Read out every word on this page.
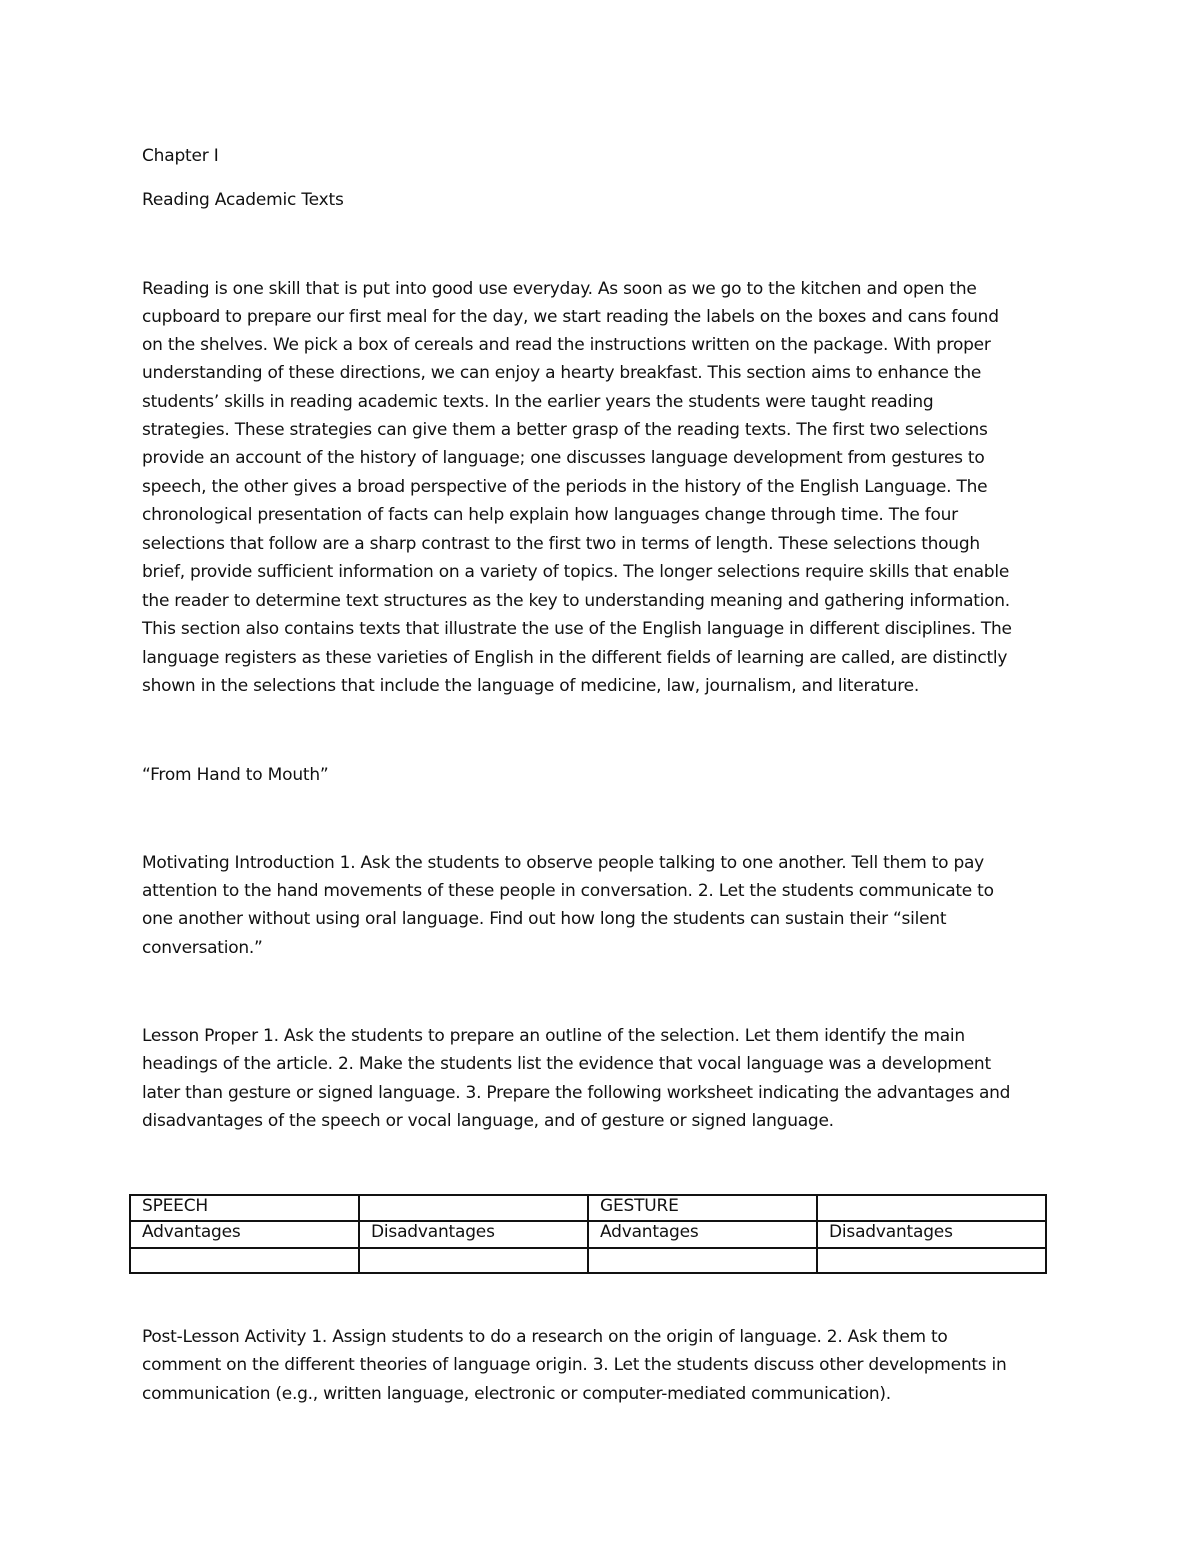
Chapter I
Reading Academic Texts
Reading is one skill that is put into good use everyday. As soon as we go to the kitchen and open the
cupboard to prepare our first meal for the day, we start reading the labels on the boxes and cans found
on the shelves. We pick a box of cereals and read the instructions written on the package. With proper
understanding of these directions, we can enjoy a hearty breakfast. This section aims to enhance the
students’ skills in reading academic texts. In the earlier years the students were taught reading
strategies. These strategies can give them a better grasp of the reading texts. The first two selections
provide an account of the history of language; one discusses language development from gestures to
speech, the other gives a broad perspective of the periods in the history of the English Language. The
chronological presentation of facts can help explain how languages change through time. The four
selections that follow are a sharp contrast to the first two in terms of length. These selections though
brief, provide sufficient information on a variety of topics. The longer selections require skills that enable
the reader to determine text structures as the key to understanding meaning and gathering information.
This section also contains texts that illustrate the use of the English language in different disciplines. The
language registers as these varieties of English in the different fields of learning are called, are distinctly
shown in the selections that include the language of medicine, law, journalism, and literature.
“From Hand to Mouth”
Motivating Introduction 1. Ask the students to observe people talking to one another. Tell them to pay
attention to the hand movements of these people in conversation. 2. Let the students communicate to
one another without using oral language. Find out how long the students can sustain their “silent
conversation.”
Lesson Proper 1. Ask the students to prepare an outline of the selection. Let them identify the main
headings of the article. 2. Make the students list the evidence that vocal language was a development
later than gesture or signed language. 3. Prepare the following worksheet indicating the advantages and
disadvantages of the speech or vocal language, and of gesture or signed language.
SPEECH		GESTURE	
Advantages	Disadvantages	Advantages	Disadvantages

Post-Lesson Activity 1. Assign students to do a research on the origin of language. 2. Ask them to
comment on the different theories of language origin. 3. Let the students discuss other developments in
communication (e.g., written language, electronic or computer-mediated communication).
